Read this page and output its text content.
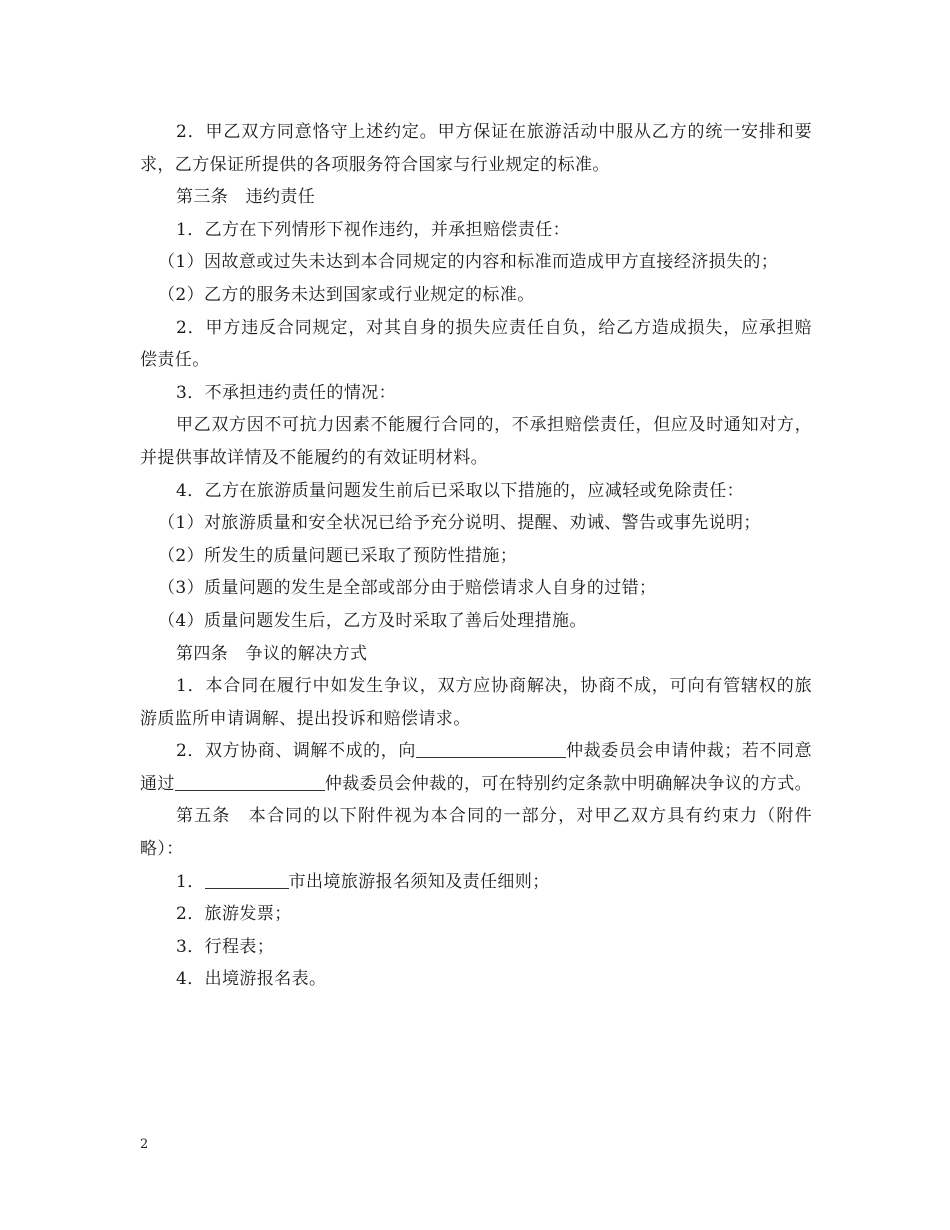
2．甲乙双方同意恪守上述约定。甲方保证在旅游活动中服从乙方的统一安排和要求，乙方保证所提供的各项服务符合国家与行业规定的标准。

第三条　违约责任

1．乙方在下列情形下视作违约，并承担赔偿责任：

（1）因故意或过失未达到本合同规定的内容和标准而造成甲方直接经济损失的；

（2）乙方的服务未达到国家或行业规定的标准。

2．甲方违反合同规定，对其自身的损失应责任自负，给乙方造成损失，应承担赔偿责任。

3．不承担违约责任的情况：

甲乙双方因不可抗力因素不能履行合同的，不承担赔偿责任，但应及时通知对方，并提供事故详情及不能履约的有效证明材料。

4．乙方在旅游质量问题发生前后已采取以下措施的，应减轻或免除责任：

（1）对旅游质量和安全状况已给予充分说明、提醒、劝诫、警告或事先说明；

（2）所发生的质量问题已采取了预防性措施；

（3）质量问题的发生是全部或部分由于赔偿请求人自身的过错；

（4）质量问题发生后，乙方及时采取了善后处理措施。

第四条　争议的解决方式

1．本合同在履行中如发生争议，双方应协商解决，协商不成，可向有管辖权的旅游质监所申请调解、提出投诉和赔偿请求。

2．双方协商、调解不成的，向	仲裁委员会申请仲裁；若不同意通过	仲裁委员会仲裁的，可在特别约定条款中明确解决争议的方式。

第五条　本合同的以下附件视为本合同的一部分，对甲乙双方具有约束力（附件略）：

1．	市出境旅游报名须知及责任细则；

2．旅游发票；

3．行程表；

4．出境游报名表。

2
